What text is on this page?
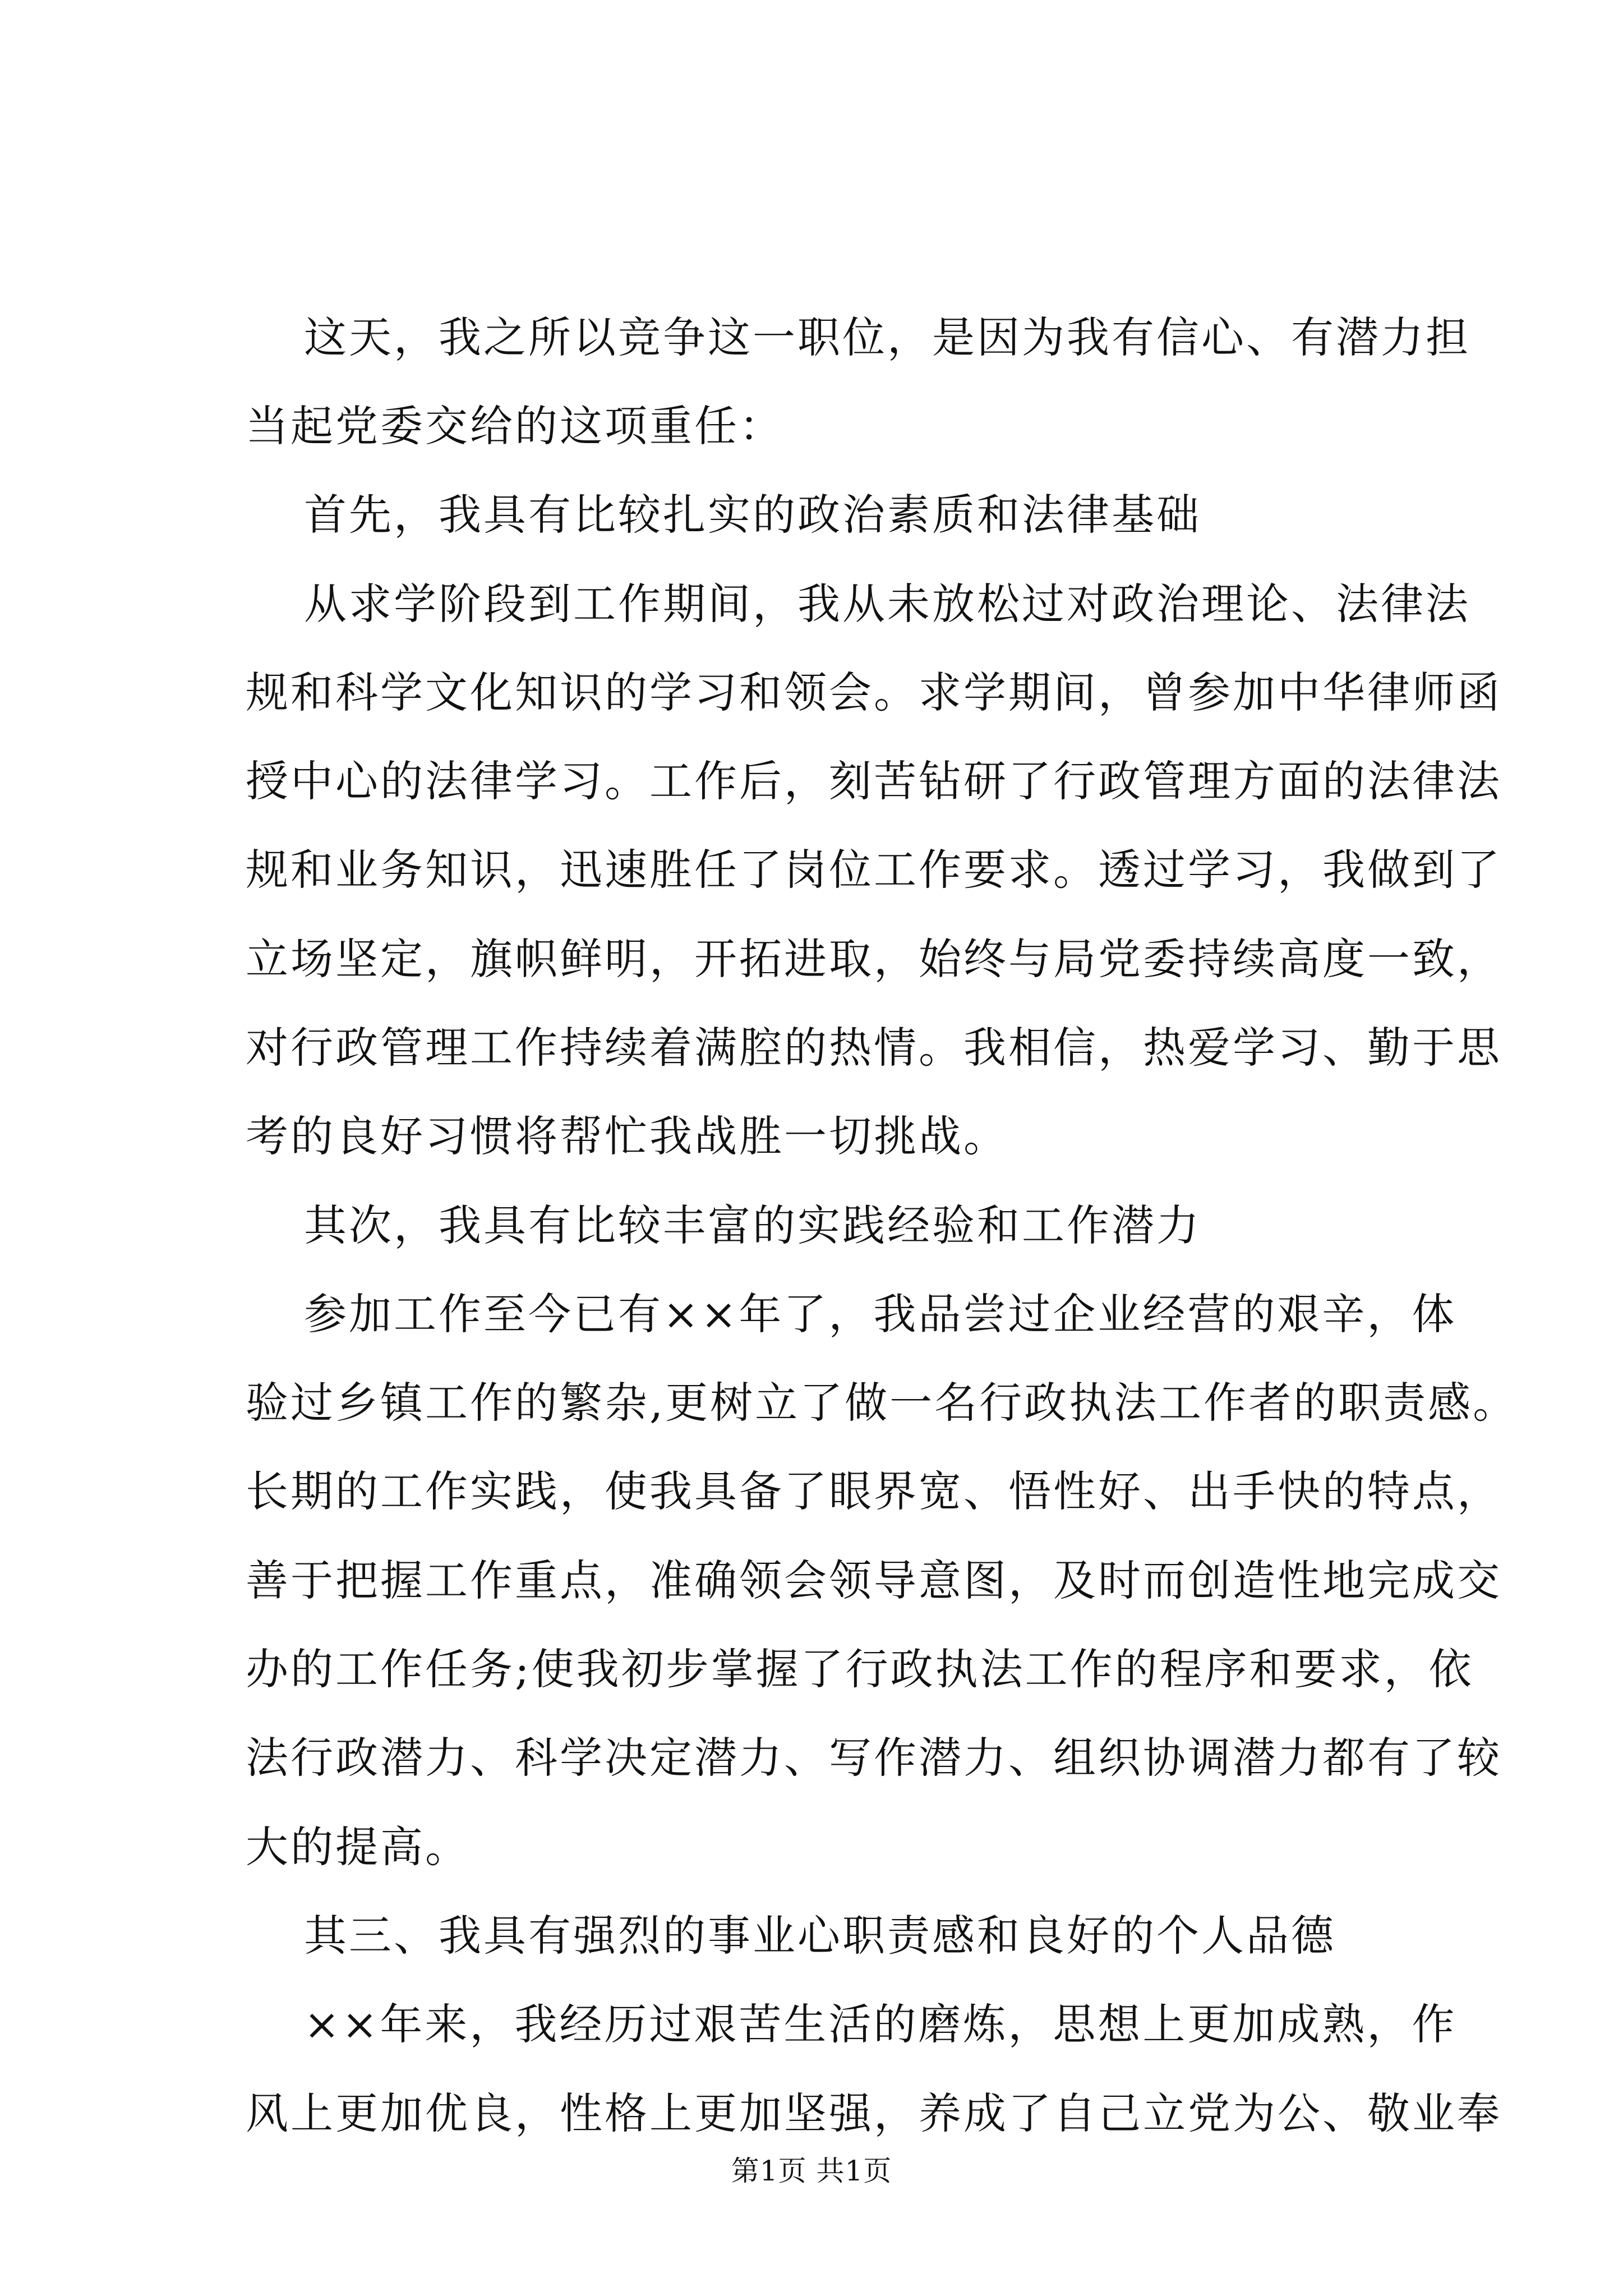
这天，我之所以竞争这一职位，是因为我有信心、有潜力担
当起党委交给的这项重任：
首先，我具有比较扎实的政治素质和法律基础
从求学阶段到工作期间，我从未放松过对政治理论、法律法
规和科学文化知识的学习和领会。求学期间，曾参加中华律师函
授中心的法律学习。工作后，刻苦钻研了行政管理方面的法律法
规和业务知识，迅速胜任了岗位工作要求。透过学习，我做到了
立场坚定，旗帜鲜明，开拓进取，始终与局党委持续高度一致，
对行政管理工作持续着满腔的热情。我相信，热爱学习、勤于思
考的良好习惯将帮忙我战胜一切挑战。
其次，我具有比较丰富的实践经验和工作潜力
参加工作至今已有××年了，我品尝过企业经营的艰辛，体
验过乡镇工作的繁杂,更树立了做一名行政执法工作者的职责感。
长期的工作实践，使我具备了眼界宽、悟性好、出手快的特点，
善于把握工作重点，准确领会领导意图，及时而创造性地完成交
办的工作任务;使我初步掌握了行政执法工作的程序和要求，依
法行政潜力、科学决定潜力、写作潜力、组织协调潜力都有了较
大的提高。
其三、我具有强烈的事业心职责感和良好的个人品德
××年来，我经历过艰苦生活的磨炼，思想上更加成熟，作
风上更加优良，性格上更加坚强，养成了自己立党为公、敬业奉
第1页 共1页
